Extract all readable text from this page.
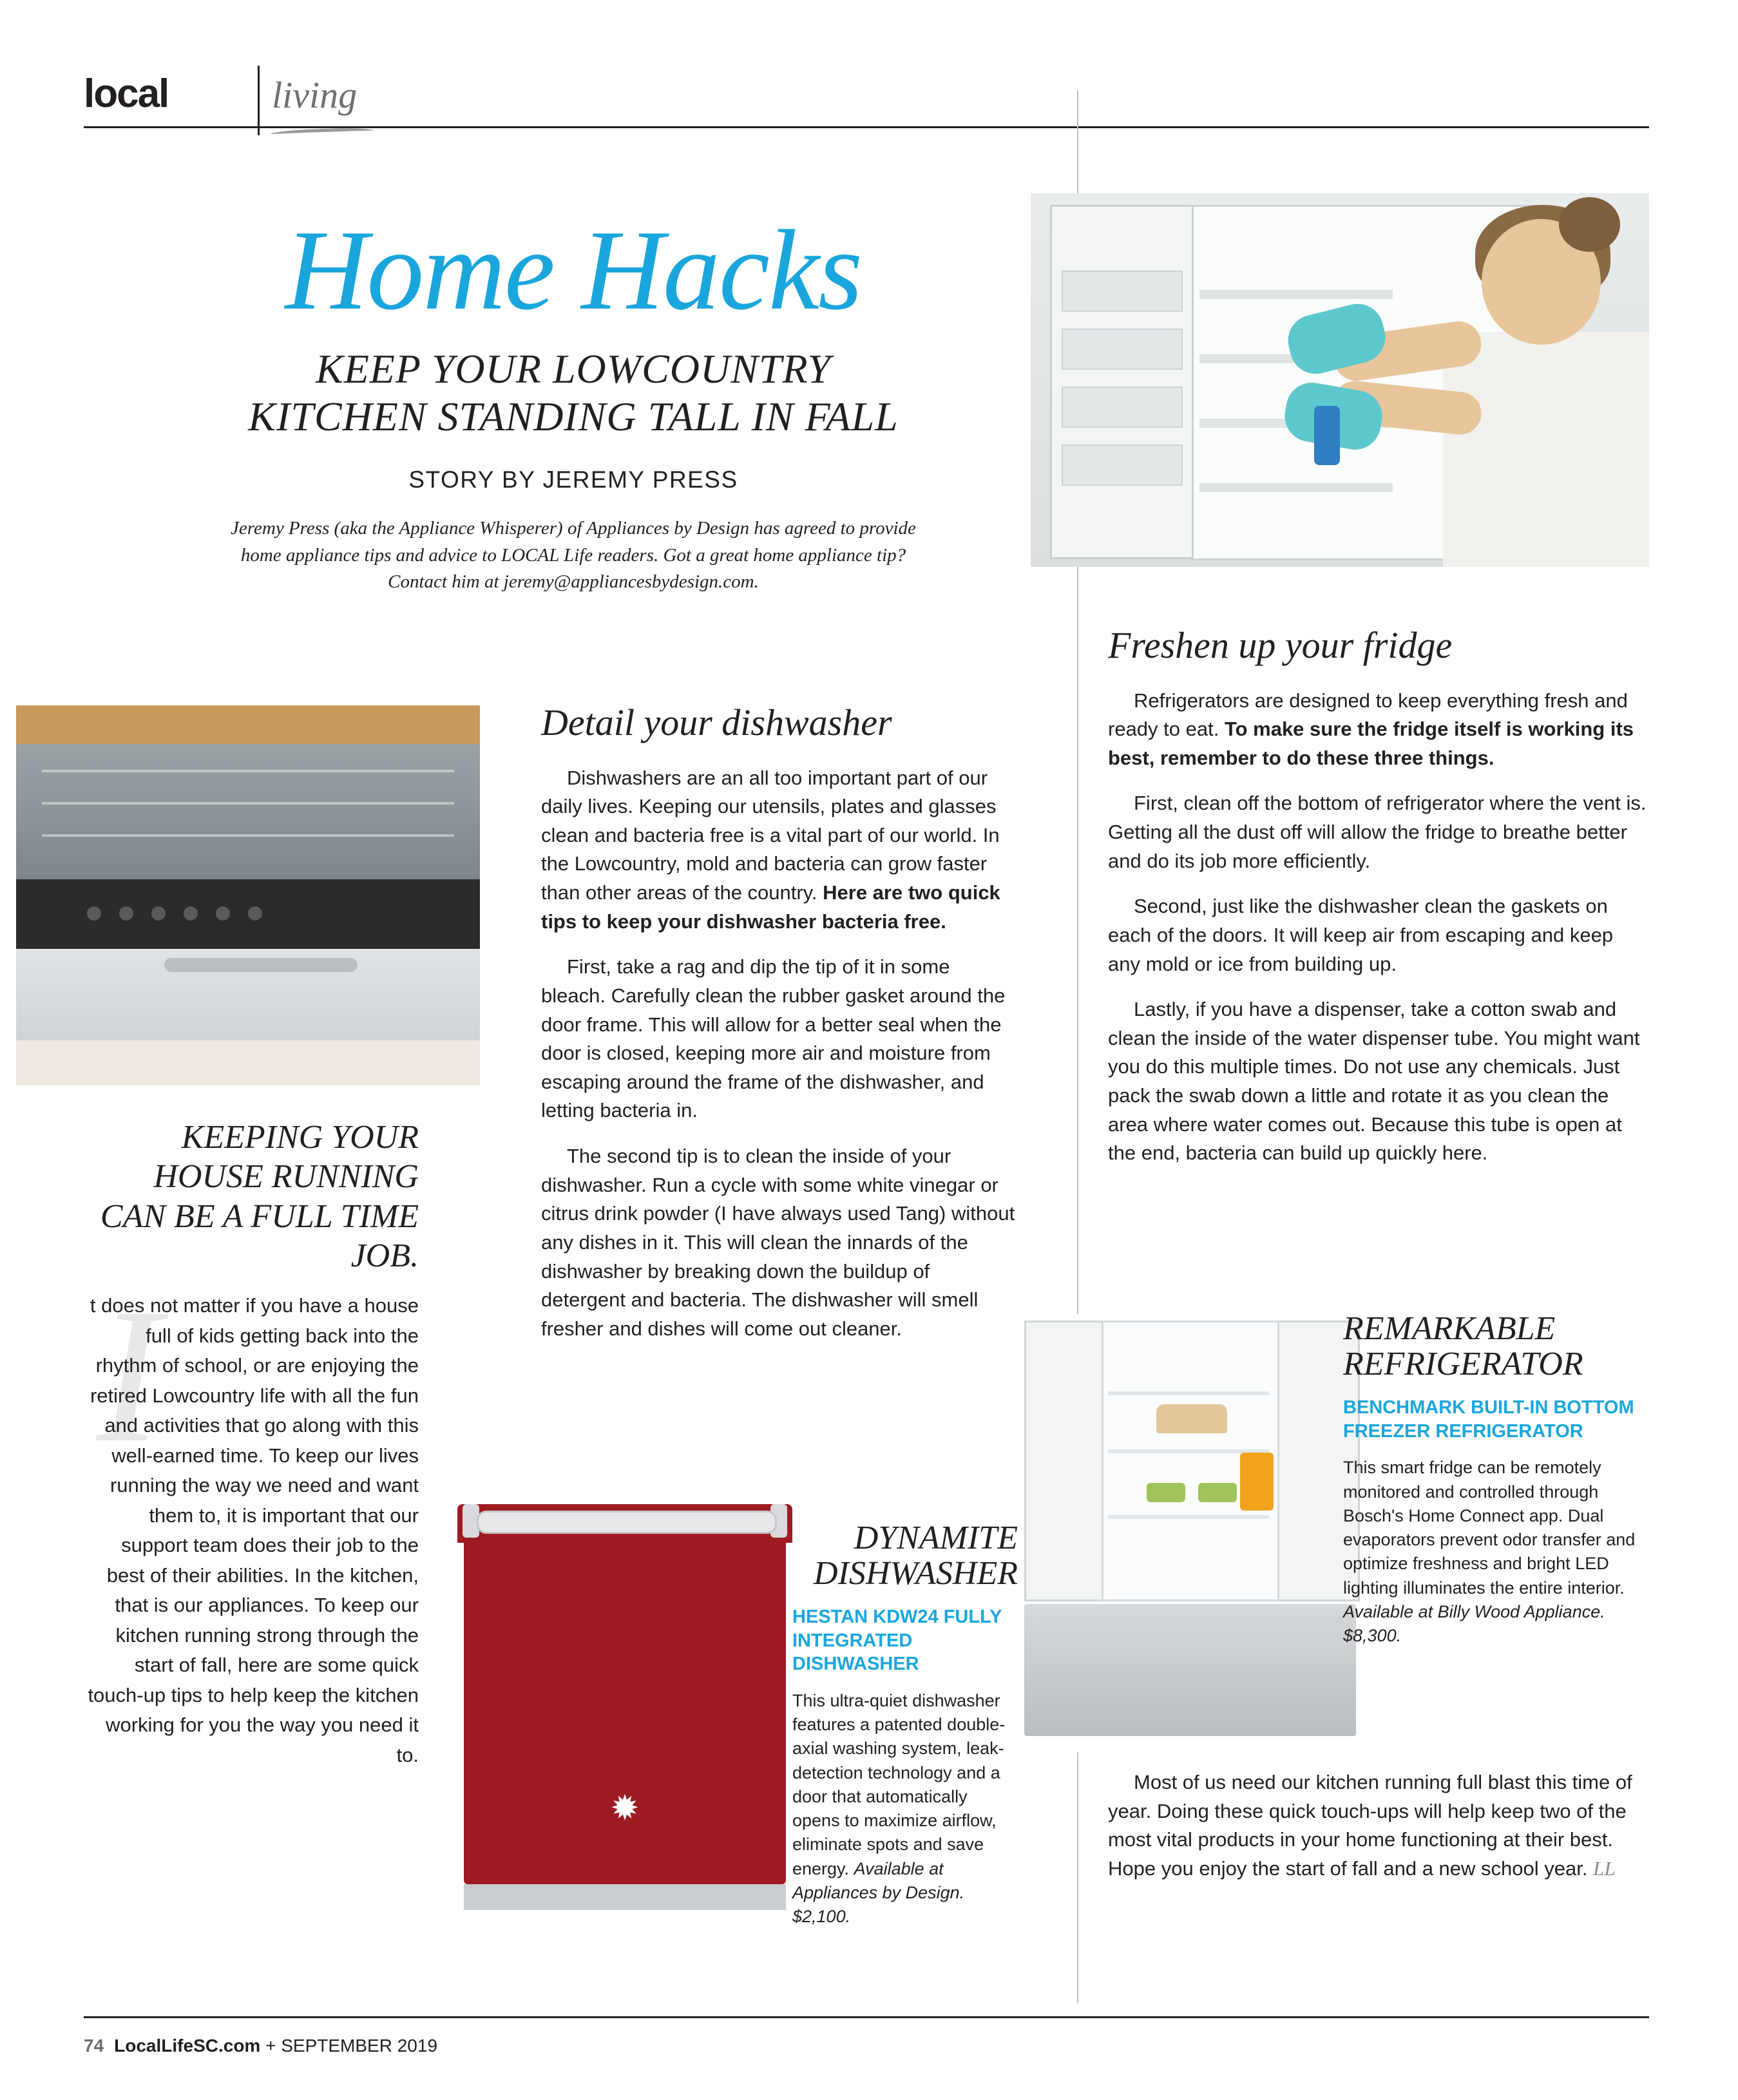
local	living
Home Hacks
KEEP YOUR LOWCOUNTRY
KITCHEN STANDING TALL IN FALL
STORY BY JEREMY PRESS
Jeremy Press (aka the Appliance Whisperer) of Appliances by Design has agreed to provide home appliance tips and advice to LOCAL Life readers. Got a great home appliance tip? Contact him at jeremy@appliancesbydesign.com.
I
KEEPING YOUR HOUSE RUNNING CAN BE A FULL TIME JOB.

t does not matter if you have a house full of kids getting back into the rhythm of school, or are enjoying the retired Lowcountry life with all the fun and activities that go along with this well-earned time. To keep our lives running the way we need and want them to, it is important that our support team does their job to the best of their abilities. In the kitchen, that is our appliances. To keep our kitchen running strong through the start of fall, here are some quick touch-up tips to help keep the kitchen working for you the way you need it to.

Detail your dishwasher

Dishwashers are an all too important part of our daily lives. Keeping our utensils, plates and glasses clean and bacteria free is a vital part of our world. In the Lowcountry, mold and bacteria can grow faster than other areas of the country. Here are two quick tips to keep your dishwasher bacteria free.

First, take a rag and dip the tip of it in some bleach. Carefully clean the rubber gasket around the door frame. This will allow for a better seal when the door is closed, keeping more air and moisture from escaping around the frame of the dishwasher, and letting bacteria in.

The second tip is to clean the inside of your dishwasher. Run a cycle with some white vinegar or citrus drink powder (I have always used Tang) without any dishes in it. This will clean the innards of the dishwasher by breaking down the buildup of detergent and bacteria. The dishwasher will smell fresher and dishes will come out cleaner.

Freshen up your fridge

Refrigerators are designed to keep everything fresh and ready to eat. To make sure the fridge itself is working its best, remember to do these three things.

First, clean off the bottom of refrigerator where the vent is. Getting all the dust off will allow the fridge to breathe better and do its job more efficiently.

Second, just like the dishwasher clean the gaskets on each of the doors. It will keep air from escaping and keep any mold or ice from building up.

Lastly, if you have a dispenser, take a cotton swab and clean the inside of the water dispenser tube. You might want you do this multiple times. Do not use any chemicals. Just pack the swab down a little and rotate it as you clean the area where water comes out. Because this tube is open at the end, bacteria can build up quickly here.

Most of us need our kitchen running full blast this time of year. Doing these quick touch-ups will help keep two of the most vital products in your home functioning at their best. Hope you enjoy the start of fall and a new school year. LL

✹
DYNAMITE
DISHWASHER
HESTAN KDW24 FULLY INTEGRATED DISHWASHER
This ultra-quiet dishwasher features a patented double-axial washing system, leak-detection technology and a door that automatically opens to maximize airflow, eliminate spots and save energy. Available at Appliances by Design. $2,100.
REMARKABLE
REFRIGERATOR
BENCHMARK BUILT-IN BOTTOM FREEZER REFRIGERATOR
This smart fridge can be remotely monitored and controlled through Bosch's Home Connect app. Dual evaporators prevent odor transfer and optimize freshness and bright LED lighting illuminates the entire interior. Available at Billy Wood Appliance. $8,300.
74 LocalLifeSC.com + SEPTEMBER 2019
